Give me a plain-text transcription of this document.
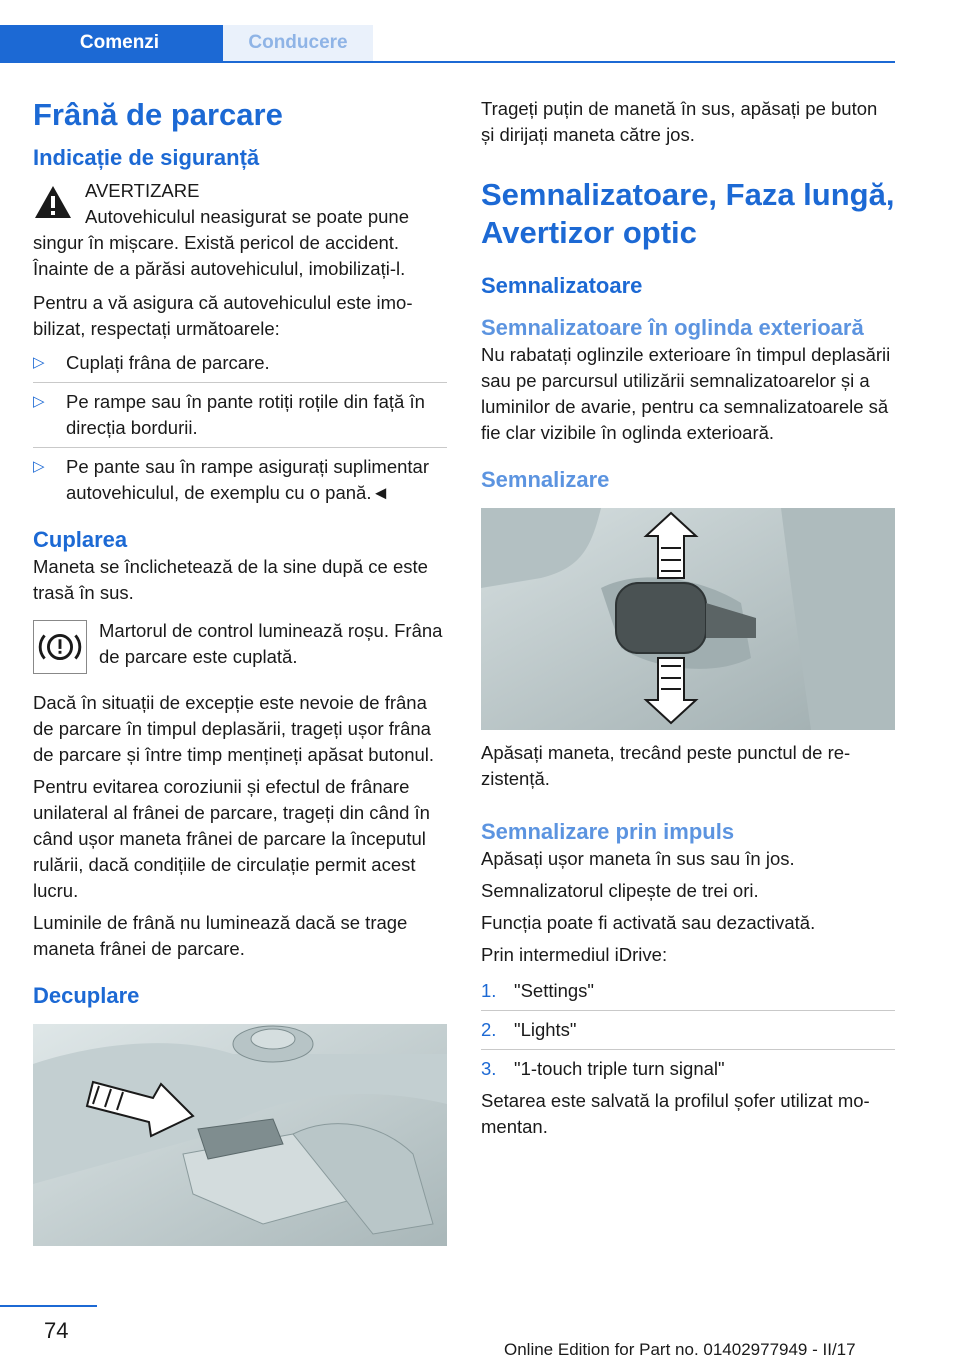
Comenzi	Conducere
Frână de parcare
Indicație de siguranță

AVERTIZARE

Autovehiculul neasigurat se poate pune singur în mișcare. Există pericol de accident. Înainte de a părăsi autovehiculul, imobilizați-l.

Pentru a vă asigura că autovehiculul este imobilizat, respectați următoarele:

▷ Cuplați frâna de parcare.
▷ Pe rampe sau în pante rotiți roțile din față în direcția bordurii.
▷ Pe pante sau în rampe asigurați suplimentar autovehiculul, de exemplu cu o pană.◄
Cuplarea

Maneta se înclichetează de la sine după ce este trasă în sus.

Martorul de control luminează roșu. Frâna de parcare este cuplată.

Dacă în situații de excepție este nevoie de frâna de parcare în timpul deplasării, trageți ușor frâna de parcare și între timp mențineți apăsat butonul.

Pentru evitarea coroziunii și efectul de frânare unilateral al frânei de parcare, trageți din când în când ușor maneta frânei de parcare la începutul rulării, dacă condițiile de circulație permit acest lucru.

Luminile de frână nu luminează dacă se trage maneta frânei de parcare.

Decuplare

Trageți puțin de manetă în sus, apăsați pe buton și dirijați maneta către jos.

Semnalizatoare, Faza lungă, Avertizor optic
Semnalizatoare
Semnalizatoare în oglinda exterioară

Nu rabatați oglinzile exterioare în timpul deplasării sau pe parcursul utilizării semnalizatoarelor și a luminilor de avarie, pentru ca semnalizatoarele să fie clar vizibile în oglinda exterioară.

Semnalizare

Apăsați maneta, trecând peste punctul de rezistență.

Semnalizare prin impuls

Apăsați ușor maneta în sus sau în jos.

Semnalizatorul clipește de trei ori.

Funcția poate fi activată sau dezactivată.

Prin intermediul iDrive:

1. "Settings"
2. "Lights"
3. "1-touch triple turn signal"

Setarea este salvată la profilul șofer utilizat momentan.

74
Online Edition for Part no. 01402977949 - II/17
